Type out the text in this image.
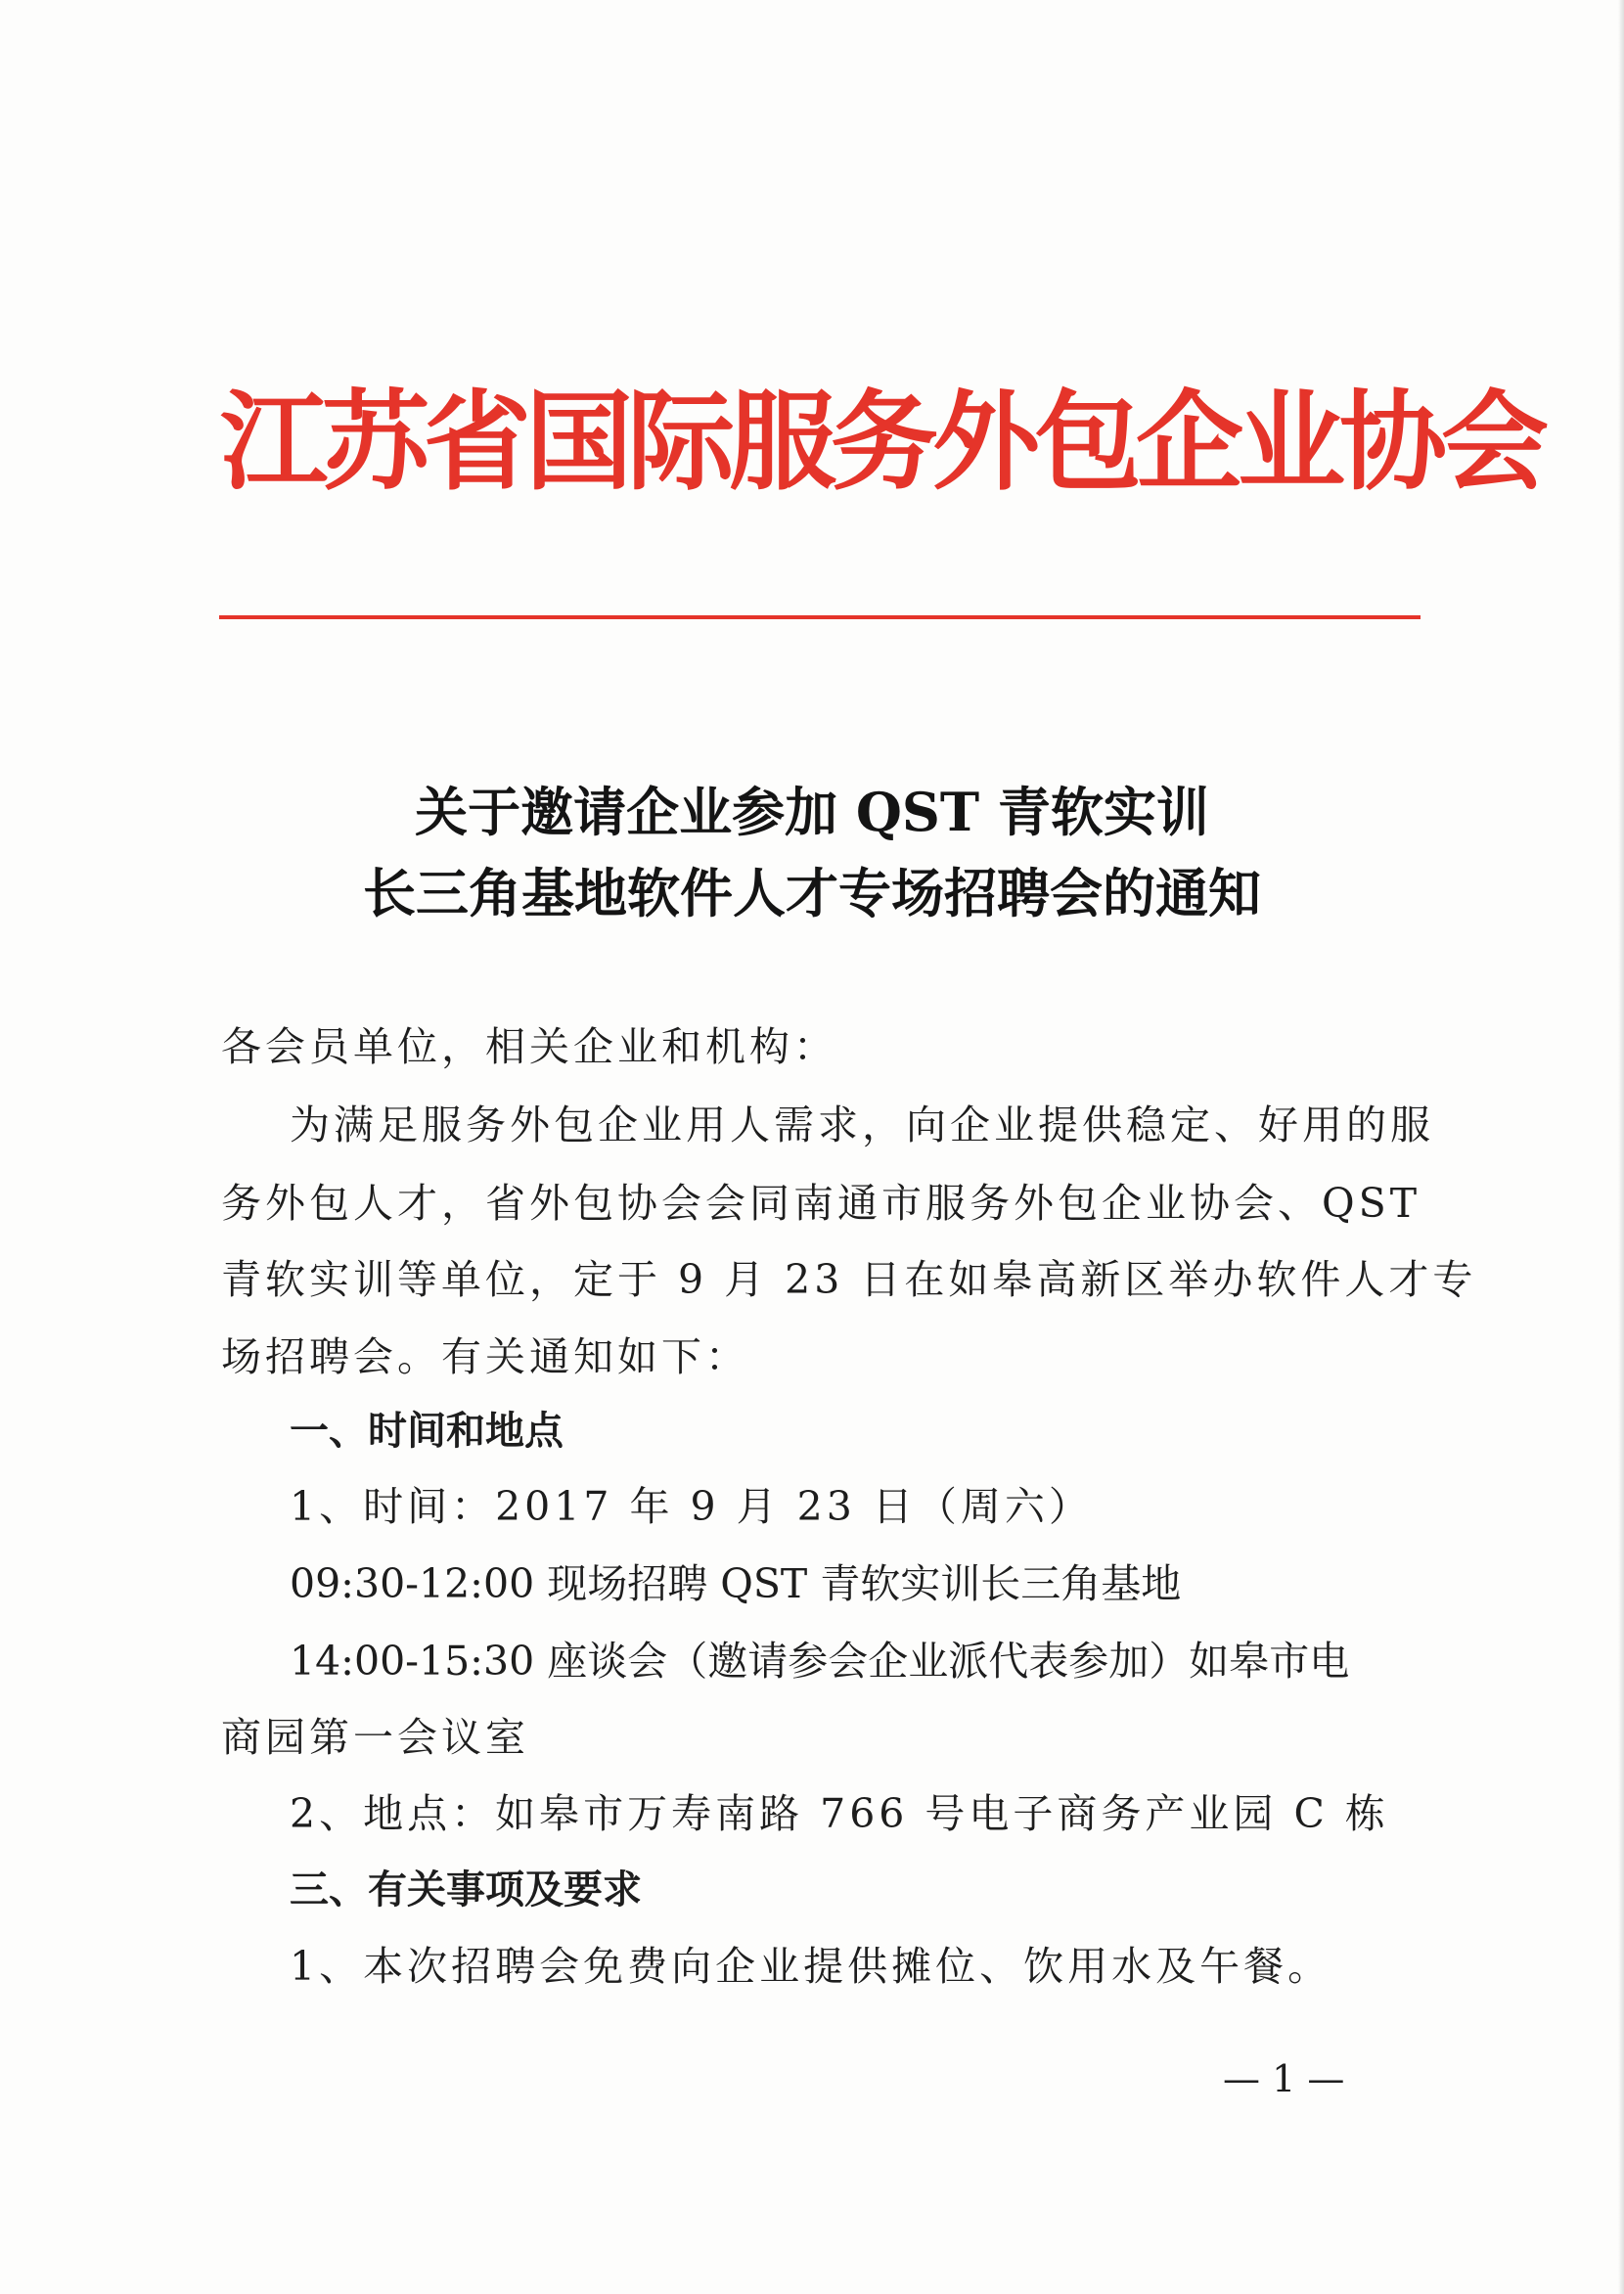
江苏省国际服务外包企业协会
关于邀请企业参加 QST 青软实训
长三角基地软件人才专场招聘会的通知
各会员单位，相关企业和机构：
为满足服务外包企业用人需求，向企业提供稳定、好用的服
务外包人才，省外包协会会同南通市服务外包企业协会、QST
青软实训等单位，定于 9 月 23 日在如皋高新区举办软件人才专
场招聘会。有关通知如下：
一、时间和地点
1、时间：2017 年 9 月 23 日（周六）
09:30-12:00 现场招聘 QST 青软实训长三角基地
14:00-15:30 座谈会（邀请参会企业派代表参加）如皋市电
商园第一会议室
2、地点：如皋市万寿南路 766 号电子商务产业园 C 栋
三、有关事项及要求
1、本次招聘会免费向企业提供摊位、饮用水及午餐。
— 1 —
